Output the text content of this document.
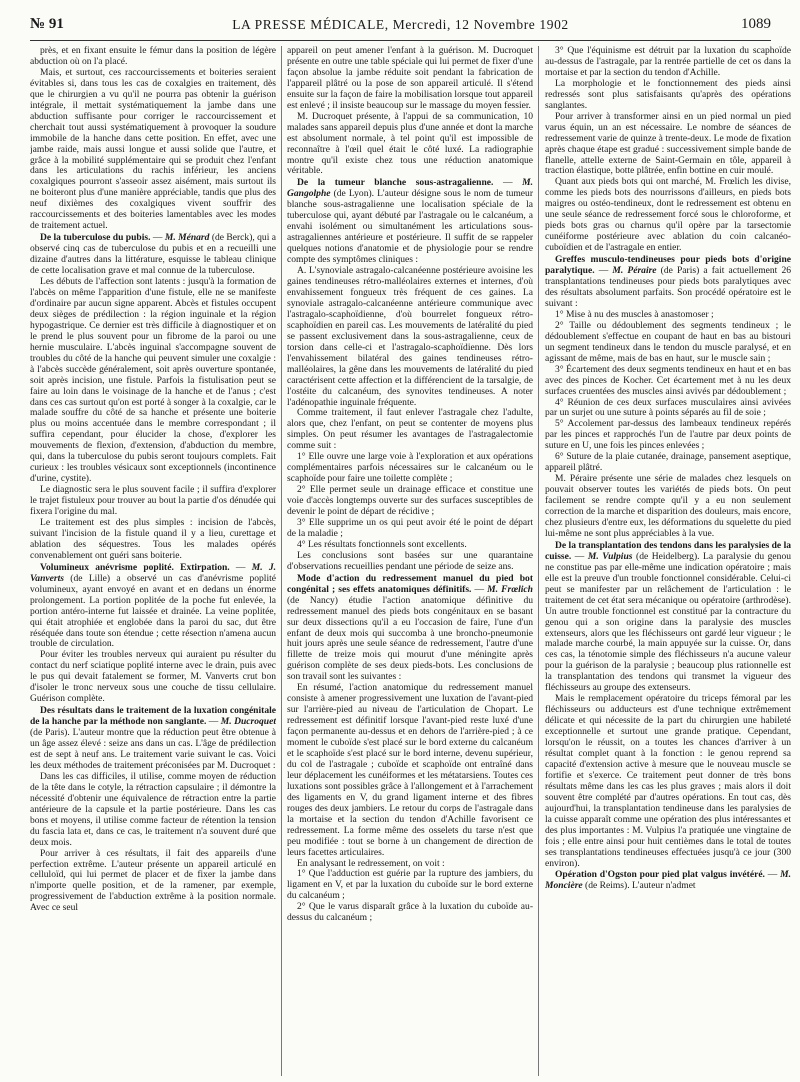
№ 91	LA PRESSE MÉDICALE, Mercredi, 12 Novembre 1902	1089

près, et en fixant ensuite le fémur dans la position de légère abduction où on l'a placé.

Mais, et surtout, ces raccourcissements et boiteries seraient évitables si, dans tous les cas de coxalgies en traitement, dès que le chirurgien a vu qu'il ne pourra pas obtenir la guérison intégrale, il mettait systématiquement la jambe dans une abduction suffisante pour corriger le raccourcissement et cherchait tout aussi systématiquement à provoquer la soudure immobile de la hanche dans cette position. En effet, avec une jambe raide, mais aussi longue et aussi solide que l'autre, et grâce à la mobilité supplémentaire qui se produit chez l'enfant dans les articulations du rachis inférieur, les anciens coxalgiques pourront s'asseoir assez aisément, mais surtout ils ne boiteront plus d'une manière appréciable, tandis que plus des neuf dixièmes des coxalgiques vivent souffrir des raccourcissements et des boiteries lamentables avec les modes de traitement actuel.

De la tuberculose du pubis. — M. Ménard (de Berck), qui a observé cinq cas de tuberculose du pubis et en a recueilli une dizaine d'autres dans la littérature, esquisse le tableau clinique de cette localisation grave et mal connue de la tuberculose.

Les débuts de l'affection sont latents : jusqu'à la formation de l'abcès on même l'apparition d'une fistule, elle ne se manifeste d'ordinaire par aucun signe apparent. Abcès et fistules occupent deux sièges de prédilection : la région inguinale et la région hypogastrique. Ce dernier est très difficile à diagnostiquer et on le prend le plus souvent pour un fibrome de la paroi ou une hernie musculaire. L'abcès inguinal s'accompagne souvent de troubles du côté de la hanche qui peuvent simuler une coxalgie : à l'abcès succède généralement, soit après ouverture spontanée, soit après incision, une fistule. Parfois la fistulisation peut se faire au loin dans le voisinage de la hanche et de l'anus ; c'est dans ces cas surtout qu'on est porté à songer à la coxalgie, car le malade souffre du côté de sa hanche et présente une boiterie plus ou moins accentuée dans le membre correspondant ; il suffira cependant, pour élucider la chose, d'explorer les mouvements de flexion, d'extension, d'abduction du membre, qui, dans la tuberculose du pubis seront toujours complets. Fait curieux : les troubles vésicaux sont exceptionnels (incontinence d'urine, cystite).

Le diagnostic sera le plus souvent facile ; il suffira d'explorer le trajet fistuleux pour trouver au bout la partie d'os dénudée qui fixera l'origine du mal.

Le traitement est des plus simples : incision de l'abcès, suivant l'incision de la fistule quand il y a lieu, curettage et ablation des séquestres. Tous les malades opérés convenablement ont guéri sans boiterie.

Volumineux anévrisme poplité. Extirpation. — M. J. Vanverts (de Lille) a observé un cas d'anévrisme poplité volumineux, ayant envoyé en avant et en dedans un énorme prolongement. La portion poplitée de la poche fut enlevée, la portion antéro-interne fut laissée et drainée. La veine poplitée, qui était atrophiée et englobée dans la paroi du sac, dut être réséquée dans toute son étendue ; cette résection n'amena aucun trouble de circulation.

Pour éviter les troubles nerveux qui auraient pu résulter du contact du nerf sciatique poplité interne avec le drain, puis avec le pus qui devait fatalement se former, M. Vanverts crut bon d'isoler le tronc nerveux sous une couche de tissu cellulaire. Guérison complète.

Des résultats dans le traitement de la luxation congénitale de la hanche par la méthode non sanglante. — M. Ducroquet (de Paris). L'auteur montre que la réduction peut être obtenue à un âge assez élevé : seize ans dans un cas. L'âge de prédilection est de sept à neuf ans. Le traitement varie suivant le cas. Voici les deux méthodes de traitement préconisées par M. Ducroquet :

Dans les cas difficiles, il utilise, comme moyen de réduction de la tête dans le cotyle, la rétraction capsulaire ; il démontre la nécessité d'obtenir une équivalence de rétraction entre la partie antérieure de la capsule et la partie postérieure. Dans les cas bons et moyens, il utilise comme facteur de rétention la tension du fascia lata et, dans ce cas, le traitement n'a souvent duré que deux mois.

Pour arriver à ces résultats, il fait des appareils d'une perfection extrême. L'auteur présente un appareil articulé en celluloïd, qui lui permet de placer et de fixer la jambe dans n'importe quelle position, et de la ramener, par exemple, progressivement de l'abduction extrême à la position normale. Avec ce seul

appareil on peut amener l'enfant à la guérison. M. Ducroquet présente en outre une table spéciale qui lui permet de fixer d'une façon absolue la jambe réduite soit pendant la fabrication de l'appareil plâtré ou la pose de son appareil articulé. Il s'étend ensuite sur la façon de faire la mobilisation lorsque tout appareil est enlevé ; il insiste beaucoup sur le massage du moyen fessier.

M. Ducroquet présente, à l'appui de sa communication, 10 malades sans appareil depuis plus d'une année et dont la marche est absolument normale, à tel point qu'il est impossible de reconnaître à l'œil quel était le côté luxé. La radiographie montre qu'il existe chez tous une réduction anatomique véritable.

De la tumeur blanche sous-astragalienne. — M. Gangolphe (de Lyon). L'auteur désigne sous le nom de tumeur blanche sous-astragalienne une localisation spéciale de la tuberculose qui, ayant débuté par l'astragale ou le calcanéum, a envahi isolément ou simultanément les articulations sous-astragaliennes antérieure et postérieure. Il suffit de se rappeler quelques notions d'anatomie et de physiologie pour se rendre compte des symptômes cliniques :

A. L'synoviale astragalo-calcanéenne postérieure avoisine les gaines tendineuses rétro-malléolaires externes et internes, d'où envahissement fongueux très fréquent de ces gaines. La synoviale astragalo-calcanéenne antérieure communique avec l'astragalo-scaphoïdienne, d'où bourrelet fongueux rétro-scaphoïdien en pareil cas. Les mouvements de latéralité du pied se passent exclusivement dans la sous-astragalienne, ceux de torsion dans celle-ci et l'astragalo-scaphoïdienne. Dès lors l'envahissement bilatéral des gaines tendineuses rétro-malléolaires, la gêne dans les mouvements de latéralité du pied caractérisent cette affection et la différencient de la tarsalgie, de l'ostéite du calcanéum, des synovites tendineuses. A noter l'adénopathie inguinale fréquente.

Comme traitement, il faut enlever l'astragale chez l'adulte, alors que, chez l'enfant, on peut se contenter de moyens plus simples. On peut résumer les avantages de l'astragalectomie comme suit :

1° Elle ouvre une large voie à l'exploration et aux opérations complémentaires parfois nécessaires sur le calcanéum ou le scaphoïde pour faire une toilette complète ;

2° Elle permet seule un drainage efficace et constitue une voie d'accès longtemps ouverte sur des surfaces susceptibles de devenir le point de départ de récidive ;

3° Elle supprime un os qui peut avoir été le point de départ de la maladie ;

4° Les résultats fonctionnels sont excellents.

Les conclusions sont basées sur une quarantaine d'observations recueillies pendant une période de seize ans.

Mode d'action du redressement manuel du pied bot congénital ; ses effets anatomiques définitifs. — M. Frœlich (de Nancy) étudie l'action anatomique définitive du redressement manuel des pieds bots congénitaux en se basant sur deux dissections qu'il a eu l'occasion de faire, l'une d'un enfant de deux mois qui succomba à une broncho-pneumonie huit jours après une seule séance de redressement, l'autre d'une fillette de treize mois qui mourut d'une méningite après guérison complète de ses deux pieds-bots. Les conclusions de son travail sont les suivantes :

En résumé, l'action anatomique du redressement manuel consiste à amener progressivement une luxation de l'avant-pied sur l'arrière-pied au niveau de l'articulation de Chopart. Le redressement est définitif lorsque l'avant-pied reste luxé d'une façon permanente au-dessus et en dehors de l'arrière-pied ; à ce moment le cuboïde s'est placé sur le bord externe du calcanéum et le scaphoïde s'est placé sur le bord interne, devenu supérieur, du col de l'astragale ; cuboïde et scaphoïde ont entraîné dans leur déplacement les cunéiformes et les métatarsiens. Toutes ces luxations sont possibles grâce à l'allongement et à l'arrachement des ligaments en V, du grand ligament interne et des fibres rouges des deux jambiers. Le retour du corps de l'astragale dans la mortaise et la section du tendon d'Achille favorisent ce redressement. La forme même des osselets du tarse n'est que peu modifiée : tout se borne à un changement de direction de leurs facettes articulaires.

En analysant le redressement, on voit :

1° Que l'adduction est guérie par la rupture des jambiers, du ligament en V, et par la luxation du cuboïde sur le bord externe du calcanéum ;

2° Que le varus disparaît grâce à la luxation du cuboïde au-dessus du calcanéum ;

3° Que l'équinisme est détruit par la luxation du scaphoïde au-dessus de l'astragale, par la rentrée partielle de cet os dans la mortaise et par la section du tendon d'Achille.

La morphologie et le fonctionnement des pieds ainsi redressés sont plus satisfaisants qu'après des opérations sanglantes.

Pour arriver à transformer ainsi en un pied normal un pied varus équin, un an est nécessaire. Le nombre de séances de redressement varie de quinze à trente-deux. Le mode de fixation après chaque étape est gradué : successivement simple bande de flanelle, attelle externe de Saint-Germain en tôle, appareil à traction élastique, botte plâtrée, enfin bottine en cuir moulé.

Quant aux pieds bots qui ont marché, M. Frœlich les divise, comme les pieds bots des nourrissons d'ailleurs, en pieds bots maigres ou ostéo-tendineux, dont le redressement est obtenu en une seule séance de redressement forcé sous le chloroforme, et pieds bots gras ou charnus qu'il opère par la tarsectomie cunéiforme postérieure avec ablation du coin calcanéo-cuboïdien et de l'astragale en entier.

Greffes musculo-tendineuses pour pieds bots d'origine paralytique. — M. Péraire (de Paris) a fait actuellement 26 transplantations tendineuses pour pieds bots paralytiques avec des résultats absolument parfaits. Son procédé opératoire est le suivant :

1° Mise à nu des muscles à anastomoser ;

2° Taille ou dédoublement des segments tendineux ; le dédoublement s'effectue en coupant de haut en bas au bistouri un segment tendineux dans le tendon du muscle paralysé, et en agissant de même, mais de bas en haut, sur le muscle sain ;

3° Écartement des deux segments tendineux en haut et en bas avec des pinces de Kocher. Cet écartement met à nu les deux surfaces cruentées des muscles ainsi avivés par dédoublement ;

4° Réunion de ces deux surfaces musculaires ainsi avivées par un surjet ou une suture à points séparés au fil de soie ;

5° Accolement par-dessus des lambeaux tendineux repérés par les pinces et rapprochés l'un de l'autre par deux points de suture en U, une fois les pinces enlevées ;

6° Suture de la plaie cutanée, drainage, pansement aseptique, appareil plâtré.

M. Péraire présente une série de malades chez lesquels on pouvait observer toutes les variétés de pieds bots. On peut facilement se rendre compte qu'il y a eu non seulement correction de la marche et disparition des douleurs, mais encore, chez plusieurs d'entre eux, les déformations du squelette du pied lui-même ne sont plus appréciables à la vue.

De la transplantation des tendons dans les paralysies de la cuisse. — M. Vulpius (de Heidelberg). La paralysie du genou ne constitue pas par elle-même une indication opératoire ; mais elle est la preuve d'un trouble fonctionnel considérable. Celui-ci peut se manifester par un relâchement de l'articulation : le traitement de cet état sera mécanique ou opératoire (arthrodèse). Un autre trouble fonctionnel est constitué par la contracture du genou qui a son origine dans la paralysie des muscles extenseurs, alors que les fléchisseurs ont gardé leur vigueur ; le malade marche courbé, la main appuyée sur la cuisse. Or, dans ces cas, la ténotomie simple des fléchisseurs n'a aucune valeur pour la guérison de la paralysie ; beaucoup plus rationnelle est la transplantation des tendons qui transmet la vigueur des fléchisseurs au groupe des extenseurs.

Mais le remplacement opératoire du triceps fémoral par les fléchisseurs ou adducteurs est d'une technique extrêmement délicate et qui nécessite de la part du chirurgien une habileté exceptionnelle et surtout une grande pratique. Cependant, lorsqu'on le réussit, on a toutes les chances d'arriver à un résultat complet quant à la fonction : le genou reprend sa capacité d'extension active à mesure que le nouveau muscle se fortifie et s'exerce. Ce traitement peut donner de très bons résultats même dans les cas les plus graves ; mais alors il doit souvent être complété par d'autres opérations. En tout cas, dès aujourd'hui, la transplantation tendineuse dans les paralysies de la cuisse apparaît comme une opération des plus intéressantes et des plus importantes : M. Vulpius l'a pratiquée une vingtaine de fois ; elle entre ainsi pour huit centièmes dans le total de toutes ses transplantations tendineuses effectuées jusqu'à ce jour (300 environ).

Opération d'Ogston pour pied plat valgus invétéré. — M. Moncière (de Reims). L'auteur n'admet
